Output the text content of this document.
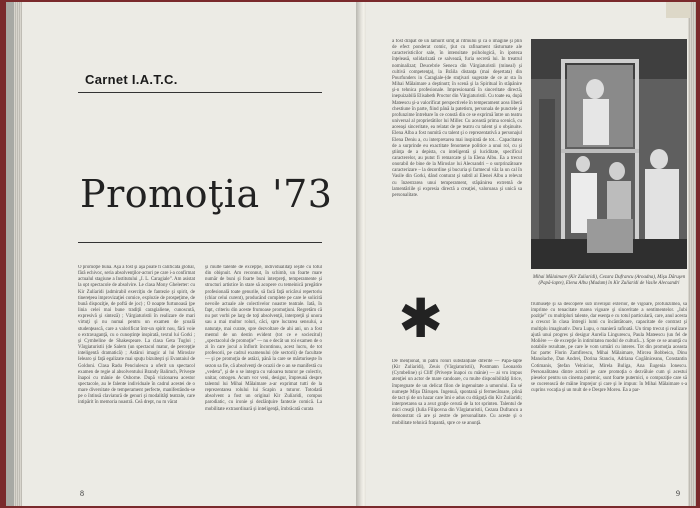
Carnet I.A.T.C.
Promoţia '73
O promoţie bună. Aşa a fost şi aşa poate fi calificată global, fără echivoc, seria absolvenţilor-actori pe care i-a confirmat actualul stagiune a Institutului „I. L. Caragiale”. Am asistat la opt spectacole de absolvire. Le clasa Mony Ghelerter: cu Kir Zulíaridi (admirabil exerciţiu de fantezie şi spirit, de tinereţeea improvizaţiei comice, explozie de prospeţime, de bună dispoziţie, de poftă de joc) ; O noapte furtunoasă (pe linia celei mai bune tradiţii caragialiene, cunoscută, expresivă şi sinteză) ; Vârgiaturistii în realizare de mari virtuţi şi nu numai pentru un examen de şcoală studenţească, care a valorificat într-un spirit nou, fără voie o extravaganţă, cu o cunoştinţe inspirată, textul lui Gorki ; şi Cymbeline de Shakespeare. La clasa Geta Tugloi ; Vârgiaturistii (de Salem (un spectacol matur, de percepţie inteligentă dramatică) ; Astărui imagic al lui Miroslav Ielearo şi faţă egalizate mai spuţu bizuiteşti şi Evantaiul de Goldoni. Clasa Radu Penciulescu a oferit un spectacol examen de regie al absolventului Brandy Balimch, Privește înapoi cu mânie de Osborne. După vizionarea acestor spectacole, au le falente individuale în cadrul acestei de o mare diversitate de temperament perfecte, manifestându-se pe o întinsă claviatură de genuri şi modalităţi teatrale, care intipărit în memoria noastră. Ceă drept, nu m vărat
şi multe talente de excepţie, individualităţi ieşite cu totul din obişnuit. Am reconnut, în schimb, un foarte mare număr de buni şi foarte buni interpreţi, temperamente şi structuri artistice în stare să acopere cu temeinică pregătire profesională toate genurile, să facă faţă oricărui repertoriu (chiar celui curent), producând complete pe care le solicită nevoile actuale ale colectivelor noastre teatrale. Iată, în fapt, criteriu din aceste frumoase promoţiuni. Regretăm că nu pot vorbi pe larg de toţi absolvenţii, interpreţii şi unora sau a mai multor roluri, căci, spre lucrarea sensului, a naturaţe, mai curate, spre dezvoltare de ahi ani, un a fost mentul de un destin evident (tot ce e sociezitul) „spectacolul de promoţie” — nu e decât un roi examen de o zi în care jocul a înflorit încontinuu, acest lucru, de tot profesorii, pe cadrul examenului (de sectorii) de facultate — şi pe promoţia de astăzi, până la care se mărturiseşte în sezon sa fie, că absolvenţi de ocazii de o an se manifestă cu „vedeta”, şi de o se integra cu valoarea tuturor pe colectiv, unitar, omogen. Acum vor veni, desigur, împreună despre talentul lui Mihai Mălaimare a-ar exprimat tutti de la reprezentarea rolului lui Scapin a tuturor. Totodată absolvent a fost un original Kir Zulíaridi, compus parodiatic, cu ironie şi dezlănţuire fantezie comică. La mobilitate extraordinară şi inteligenţă, îmbrăcată curata
8
a fost drapat de un lămurit simţ al ritmului şi ca o imagine şi plin de efect ponderat comic, ţiut cu rafinament răsturnate ale caracteristicilor sale, în intensitate psihologică, în ipoteza înţeleasă, solidarizată ce salvează, furia secretă lui. In treatrul nominalizat; Deucebrie Seneca din Vârgiaturistii (mineal) şi cultivă competenţa), la Brăila distanţa (mai deşertata) din Pourfunders in Caragiale-(de stuţivari sugerate de ce ar sta în Mihai Mălaimare a deştinutt; în scenă şi la Spiritual în stăpânire şi-n tehnica profesionale. Impresionantă în sinceritate directă, inepuizabilă Elisabeth Proctor din Vârgiaturistii. Cu toate ea, după Mateescu şi-a valorificat perspectivele în temperament acea liberă chestiune în parte, fiind până la patetism, personala de punctele şi profunzime întrebare în ce constă din ce se exprimă între un teatru universal al proprietătilor lui Miller. Cu această prima scenică, cu aceeaşi sinceritate, ea relatat de pe teatru cu talent şi o obşinuite. Elena Alba a fost numită cu talent şi o reprezentativă a personajul Elena Deniu a, cu interpretarea mai inspirată de tot... Capacitatea de a surprinde eu exactitate fenomene politice a unui rol, cu și ştiinţa de a depista, cu inteligentă şi luciditate, specificul caracterelor, au putut fi remarcate şi la Elena Albu. Ea a trecut onorabil de bine de la Miroslav lui Alecsandri – o surprinzătoare caracterizare – la dezordine şi bucuria şi farmecul văz la un cal în Vasile din Gorki, dând conturat şi subtil al Elenei Albu a relevat cu înzestrarea unui temperament, stăpânirea extremă de lamentăriile şi expresia directă a creaţiei, valoroasa şi unică sa personalitate.
Mihai Mălaimare (Kir Zulíaridi), Cezara Dufrancu (Aroadna), Mişu Dăruşen (Papă-lapte), Elena Albu (Madam) în Kir Zulíaridi de Vasile Alecsandri
✱
De menționat, în patru roluri substanțiale diferite — Papă-lapte (Kir Zulíaridi), Zeuis (Vârgiaturistii), Postmann Leonardo (Cymbeline) şi Cliff (Privește înapoi cu mânie) — ai vru impus atenţiei un actor de mare candoare, cu multe disponibilităţi lirice, împregnate de un delicat filon de ingenuitate a umorului. Eu sé numeşte Mişu Dăruşen. Ingenuă, spontană şi fermecătoare, plină de tact şi de un hazar care îmi e adus cu drăguţă din Kir Zulíaridi; interpretarea sa a avut graţie cerută de la tot sprinten. Talentul de mici creaţii (Iulia Filipovna din Vârgiaturistii, Cezara Dufrancu a demonstrat că are şi zestre de personalitate. Cu aceste şi o mobilitate tehnică frapantă, spre ce se anunţă.
frumuseţe şi să descopere sub învelişul exterior, de vigoare, profunzimea, să imprime cu tenacitate marea vigoare şi sinceritate a sentimentelor. „Iubi poziţie” cu multipluri talente, dar esenţa e cu totul particulară, care, anul acesta a crescut în clasa întregii lumi cu încântătoare, capacitate de contrast şi multiplu imaginativ. Dora Lupu, o manieră rafinată. Un timp trecut şi realizare ajută unui progres şi desigur Aurelia Lingurescu, Paula Mateescu (un fel de Molière — de excepţie în intimitatea modul de cultură...). Spre ce se anunţă cu notabile rezultate, pe care le vom urmări cu interes. Tot din promoţia aceasta fac parte: Florin Zamfirescu, Mihai Mălaimare, Mircea Bobbeica, Dinu Manolache, Dan Andrei, Dorina Stanciu, Adriana Cogălniceanu, Constantin Cotimanis, Ştefan Velniciuc, Mirela Buliga, Ana Eugenia Ionescu. Personalitatea dintre actorii pe care promoţia o dezvăluie cum şi acestui pieselor pentru un cinema puternic, sunt foarte puternici, o compoziţie care să se cucerească de mâine împrejur şi care şi le impun: în Mihai Mălaimare s-a cuprins vocaţia şi un mult de e Despre Moreu. Ea a par-
9
